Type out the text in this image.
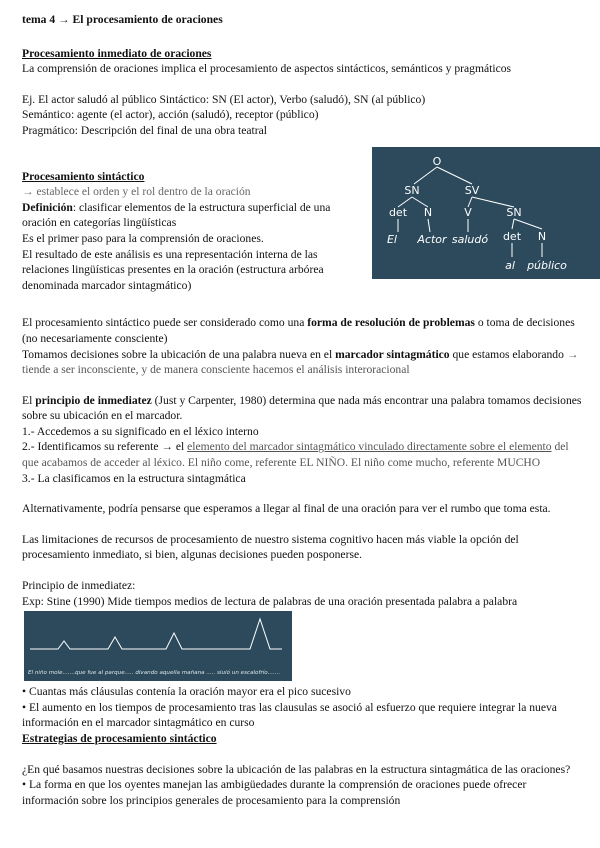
tema 4 → El procesamiento de oraciones

Procesamiento inmediato de oraciones

La comprensión de oraciones implica el procesamiento de aspectos sintácticos, semánticos y pragmáticos

Ej. El actor saludó al público Sintáctico: SN (El actor), Verbo (saludó), SN (al público)

Semántico: agente (el actor), acción (saludó), receptor (público)

Pragmático: Descripción del final de una obra teatral

Procesamiento sintáctico

→ establece el orden y el rol dentro de la oración

Definición: clasificar elementos de la estructura superficial de una oración en categorías lingüísticas

Es el primer paso para la comprensión de oraciones.

El resultado de este análisis es una representación interna de las relaciones lingüísticas presentes en la oración (estructura arbórea denominada marcador sintagmático)

O
SN	SV
det N	V	SN
det N
El Actor saludó
al público

El procesamiento sintáctico puede ser considerado como una forma de resolución de problemas o toma de decisiones (no necesariamente consciente)

Tomamos decisiones sobre la ubicación de una palabra nueva en el marcador sintagmático que estamos elaborando → tiende a ser inconsciente, y de manera consciente hacemos el análisis interoracional

El principio de inmediatez (Just y Carpenter, 1980) determina que nada más encontrar una palabra tomamos decisiones sobre su ubicación en el marcador.

1.- Accedemos a su significado en el léxico interno

2.- Identificamos su referente → el elemento del marcador sintagmático vinculado directamente sobre el elemento del que acabamos de acceder al léxico. El niño come, referente EL NIÑO. El niño come mucho, referente MUCHO

3.- La clasificamos en la estructura sintagmática

Alternativamente, podría pensarse que esperamos a llegar al final de una oración para ver el rumbo que toma esta.

Las limitaciones de recursos de procesamiento de nuestro sistema cognitivo hacen más viable la opción del procesamiento inmediato, si bien, algunas decisiones pueden posponerse.

Principio de inmediatez:

Exp: Stine (1990) Mide tiempos medios de lectura de palabras de una oración presentada palabra a palabra

El niño mole.......que fue al parque..... divando aquella mañana ..... siuió un escalofrío.......

• Cuantas más cláusulas contenía la oración mayor era el pico sucesivo

• El aumento en los tiempos de procesamiento tras las clausulas se asoció al esfuerzo que requiere integrar la nueva información en el marcador sintagmático en curso

Estrategias de procesamiento sintáctico

¿En qué basamos nuestras decisiones sobre la ubicación de las palabras en la estructura sintagmática de las oraciones?

• La forma en que los oyentes manejan las ambigüedades durante la comprensión de oraciones puede ofrecer información sobre los principios generales de procesamiento para la comprensión
